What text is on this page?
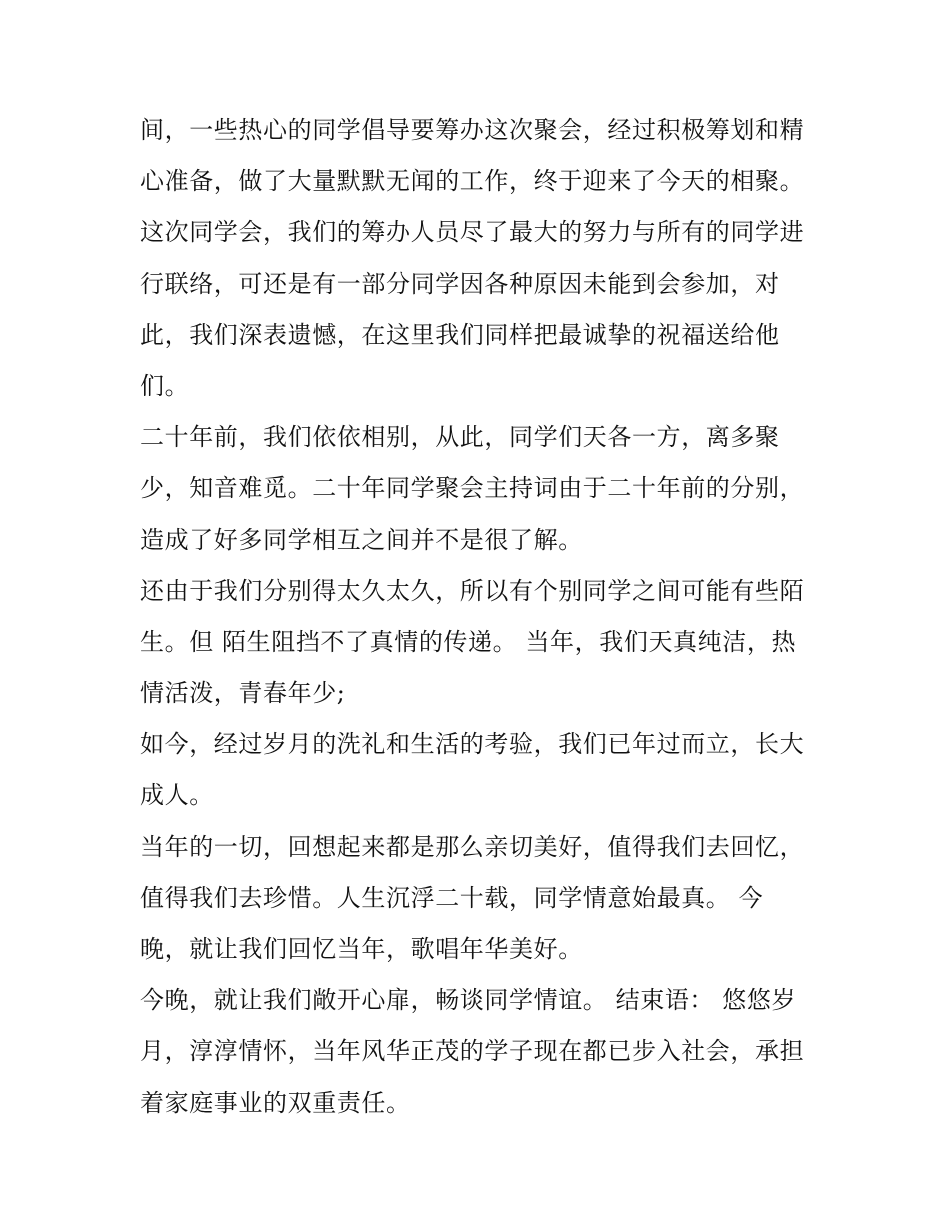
间，一些热心的同学倡导要筹办这次聚会，经过积极筹划和精
心准备，做了大量默默无闻的工作，终于迎来了今天的相聚。
这次同学会，我们的筹办人员尽了最大的努力与所有的同学进
行联络，可还是有一部分同学因各种原因未能到会参加，对
此，我们深表遗憾，在这里我们同样把最诚挚的祝福送给他
们。
二十年前，我们依依相别，从此，同学们天各一方，离多聚
少，知音难觅。二十年同学聚会主持词由于二十年前的分别，
造成了好多同学相互之间并不是很了解。
还由于我们分别得太久太久，所以有个别同学之间可能有些陌
生。但 陌生阻挡不了真情的传递。 当年，我们天真纯洁，热
情活泼，青春年少;
如今，经过岁月的洗礼和生活的考验，我们已年过而立，长大
成人。
当年的一切，回想起来都是那么亲切美好，值得我们去回忆，
值得我们去珍惜。人生沉浮二十载，同学情意始最真。 今
晚，就让我们回忆当年，歌唱年华美好。
今晚，就让我们敞开心扉，畅谈同学情谊。 结束语： 悠悠岁
月，淳淳情怀，当年风华正茂的学子现在都已步入社会，承担
着家庭事业的双重责任。
